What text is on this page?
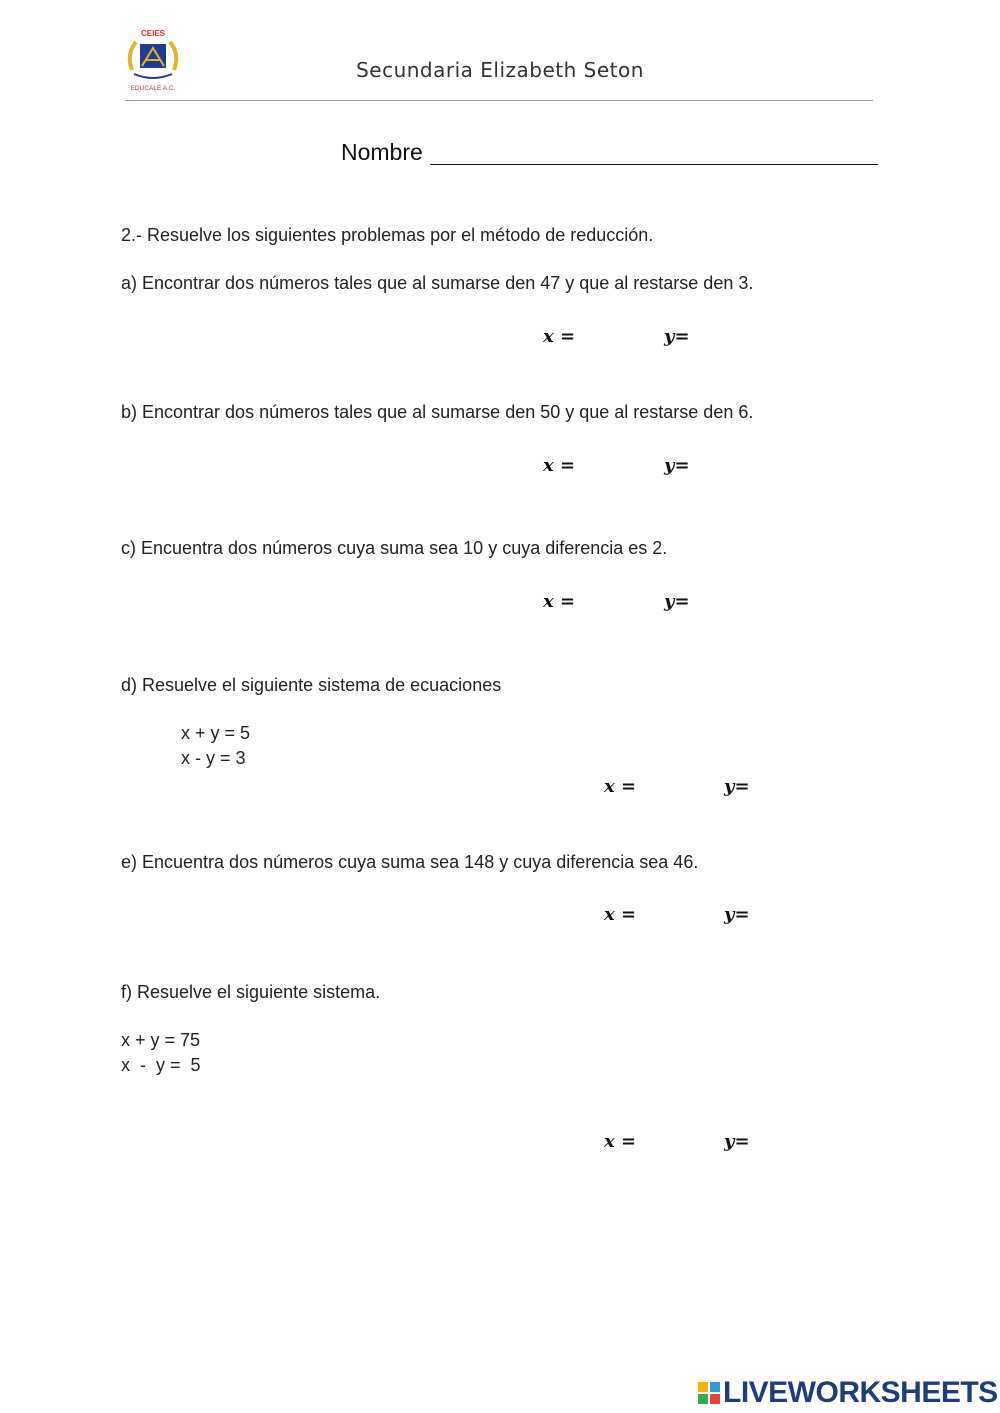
CEIES
EDUCALE A.C.
Secundaria Elizabeth Seton
Nombre
2.- Resuelve los siguientes problemas por el método de reducción.
a) Encontrar dos números tales que al sumarse den 47 y que al restarse den 3.
x =	y=
b) Encontrar dos números tales que al sumarse den 50 y que al restarse den 6.
x =	y=
c) Encuentra dos números cuya suma sea 10 y cuya diferencia es 2.
x =	y=
d) Resuelve el siguiente sistema de ecuaciones
x + y = 5
x - y = 3
x =	y=
e) Encuentra dos números cuya suma sea 148 y cuya diferencia sea 46.
x =	y=
f) Resuelve el siguiente sistema.
x + y = 75
x  -  y =  5
x =	y=
LIVEWORKSHEETS
